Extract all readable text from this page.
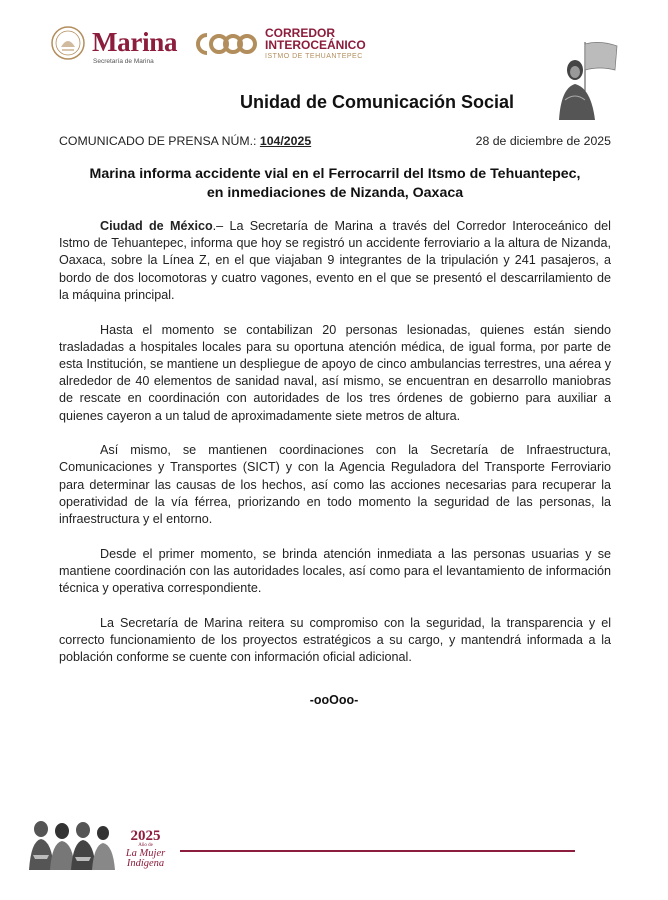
Marina
Secretaría de Marina
CORREDOR
INTEROCEÁNICO
ISTMO DE TEHUANTEPEC
Unidad de Comunicación Social
COMUNICADO DE PRENSA NÚM.: 104/2025	28 de diciembre de 2025
Marina informa accidente vial en el Ferrocarril del Itsmo de Tehuantepec,
en inmediaciones de Nizanda, Oaxaca

Ciudad de México.– La Secretaría de Marina a través del Corredor Interoceánico del Istmo de Tehuantepec, informa que hoy se registró un accidente ferroviario a la altura de Nizanda, Oaxaca, sobre la Línea Z, en el que viajaban 9 integrantes de la tripulación y 241 pasajeros, a bordo de dos locomotoras y cuatro vagones, evento en el que se presentó el descarrilamiento de la máquina principal.

Hasta el momento se contabilizan 20 personas lesionadas, quienes están siendo trasladadas a hospitales locales para su oportuna atención médica, de igual forma, por parte de esta Institución, se mantiene un despliegue de apoyo de cinco ambulancias terrestres, una aérea y alrededor de 40 elementos de sanidad naval, así mismo, se encuentran en desarrollo maniobras de rescate en coordinación con autoridades de los tres órdenes de gobierno para auxiliar a quienes cayeron a un talud de aproximadamente siete metros de altura.

Así mismo, se mantienen coordinaciones con la Secretaría de Infraestructura, Comunicaciones y Transportes (SICT) y con la Agencia Reguladora del Transporte Ferroviario para determinar las causas de los hechos, así como las acciones necesarias para recuperar la operatividad de la vía férrea, priorizando en todo momento la seguridad de las personas, la infraestructura y el entorno.

Desde el primer momento, se brinda atención inmediata a las personas usuarias y se mantiene coordinación con las autoridades locales, así como para el levantamiento de información técnica y operativa correspondiente.

La Secretaría de Marina reitera su compromiso con la seguridad, la transparencia y el correcto funcionamiento de los proyectos estratégicos a su cargo, y mantendrá informada a la población conforme se cuente con información oficial adicional.

-ooOoo-
2025
Año de
La Mujer
Indígena
